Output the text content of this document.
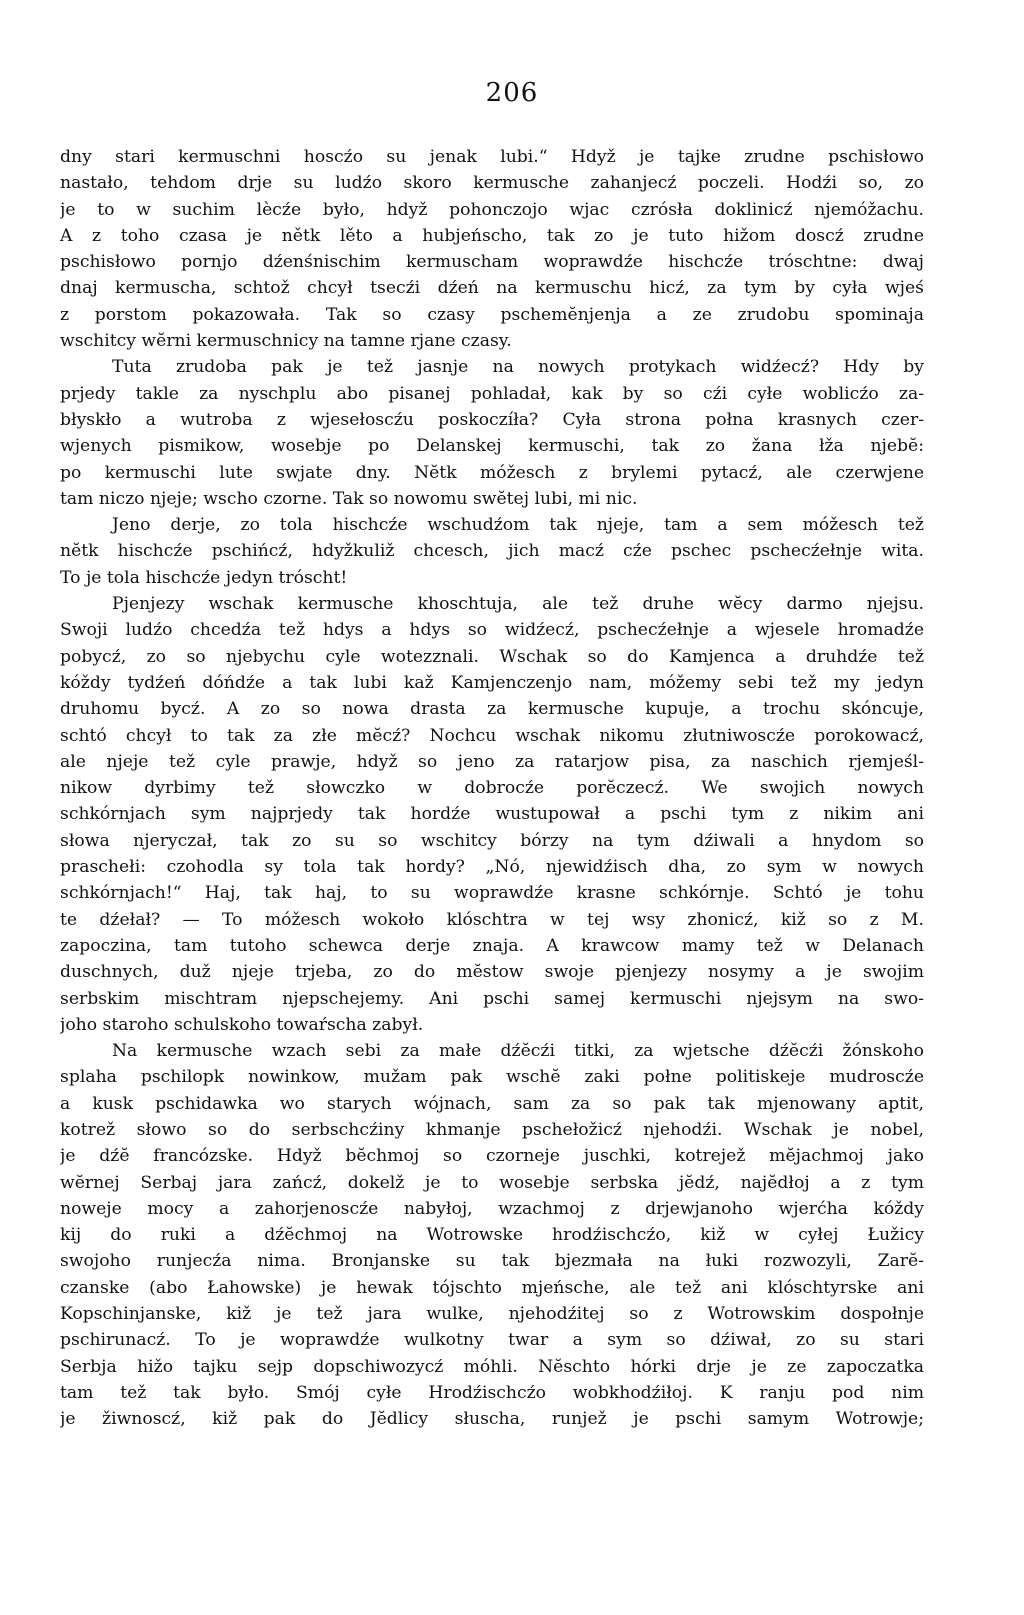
206
dny stari kermuschni hoscźo su jenak lubi.“ Hdyž je tajke zrudne pschisłowo
nastało, tehdom drje su ludźo skoro kermusche zahanjecź poczeli. Hodźi so, zo
je to w suchim lècźe było, hdyž pohonczojo wjac czrósła doklinicź njemóžachu.
A z toho czasa je nětk lěto a hubjeńscho, tak zo je tuto hižom doscź zrudne
pschisłowo pornjo dźenśnischim kermuscham woprawdźe hischcźe tróschtne: dwaj
dnaj kermuscha, schtož chcył tsecźi dźeń na kermuschu hicź, za tym by cyła wjeś
z porstom pokazowała. Tak so czasy pschemĕnjenja a ze zrudobu spominaja
wschitcy wĕrni kermuschnicy na tamne rjane czasy.
Tuta zrudoba pak je tež jasnje na nowych protykach widźecź? Hdy by
prjedy takle za nyschplu abo pisanej pohladał, kak by so cźi cyłe woblicźo za-
błyskło a wutroba z wjesełoscźu poskoczíła? Cyła strona połna krasnych czer-
wjenych pismikow, wosebje po Delanskej kermuschi, tak zo žana łža njebĕ:
po kermuschi lute swjate dny. Nĕtk móžesch z brylemi pytacź, ale czerwjene
tam niczo njeje; wscho czorne. Tak so nowomu swĕtej lubi, mi nic.
Jeno derje, zo tola hischcźe wschudźom tak njeje, tam a sem móžesch tež
nĕtk hischcźe pschińcź, hdyžkuliž chcesch, jich macź cźe pschec pschecźełnje wita.
To je tola hischcźe jedyn tróscht!
Pjenjezy wschak kermusche khoschtuja, ale tež druhe wĕcy darmo njejsu.
Swoji ludźo chcedźa tež hdys a hdys so widźecź, pschecźełnje a wjesele hromadźe
pobycź, zo so njebychu cyle wotezznali. Wschak so do Kamjenca a druhdźe tež
kóždy tydźeń dóńdźe a tak lubi kaž Kamjenczenjo nam, móžemy sebi tež my jedyn
druhomu bycź. A zo so nowa drasta za kermusche kupuje, a trochu skóncuje,
schtó chcył to tak za złe mĕcź? Nochcu wschak nikomu złutniwoscźe porokowacź,
ale njeje tež cyle prawje, hdyž so jeno za ratarjow pisa, za naschich rjemjeśl-
nikow dyrbimy tež słowczko w dobrocźe porĕczecź. We swojich nowych
schkórnjach sym najprjedy tak hordźe wustupował a pschi tym z nikim ani
słowa njeryczał, tak zo su so wschitcy bórzy na tym dźiwali a hnydom so
praschełi: czohodla sy tola tak hordy? „Nó, njewidźisch dha, zo sym w nowych
schkórnjach!“ Haj, tak haj, to su woprawdźe krasne schkórnje. Schtó je tohu
te dźełał? — To móžesch wokoło klóschtra w tej wsy zhonicź, kiž so z M.
zapoczina, tam tutoho schewca derje znaja. A krawcow mamy tež w Delanach
duschnych, duž njeje trjeba, zo do mĕstow swoje pjenjezy nosymy a je swojim
serbskim mischtram njepschejemy. Ani pschi samej kermuschi njejsym na swo-
joho staroho schulskoho towaŕscha zabył.
Na kermusche wzach sebi za małe dźĕcźi titki, za wjetsche dźĕcźi žónskoho
splaha pschilopk nowinkow, mužam pak wschĕ zaki połne politiskeje mudroscźe
a kusk pschidawka wo starych wójnach, sam za so pak tak mjenowany aptit,
kotrež słowo so do serbschcźiny khmanje pschełožicź njehodźi. Wschak je nobel,
je dźĕ francózske. Hdyž bĕchmoj so czorneje juschki, kotrejež mĕjachmoj jako
wĕrnej Serbaj jara zańcź, dokelž je to wosebje serbska jĕdź, najĕdłoj a z tym
noweje mocy a zahorjenoscźe nabyłoj, wzachmoj z drjewjanoho wjerćha kóždy
kij do ruki a dźĕchmoj na Wotrowske hrodźischcźo, kiž w cyłej Łužicy
swojoho runjecźa nima. Bronjanske su tak bjezmała na łuki rozwozyli, Zarĕ-
czanske (abo Łahowske) je hewak tójschto mjeńsche, ale tež ani klóschtyrske ani
Kopschinjanske, kiž je tež jara wulke, njehodźitej so z Wotrowskim dospołnje
pschirunacź. To je woprawdźe wulkotny twar a sym so dźiwał, zo su stari
Serbja hižo tajku sejp dopschiwozycź móhli. Nĕschto hórki drje je ze zapoczatka
tam tež tak było. Smój cyłe Hrodźischcźo wobkhodźiłoj. K ranju pod nim
je žiwnoscź, kiž pak do Jĕdlicy słuscha, runjež je pschi samym Wotrowje;
